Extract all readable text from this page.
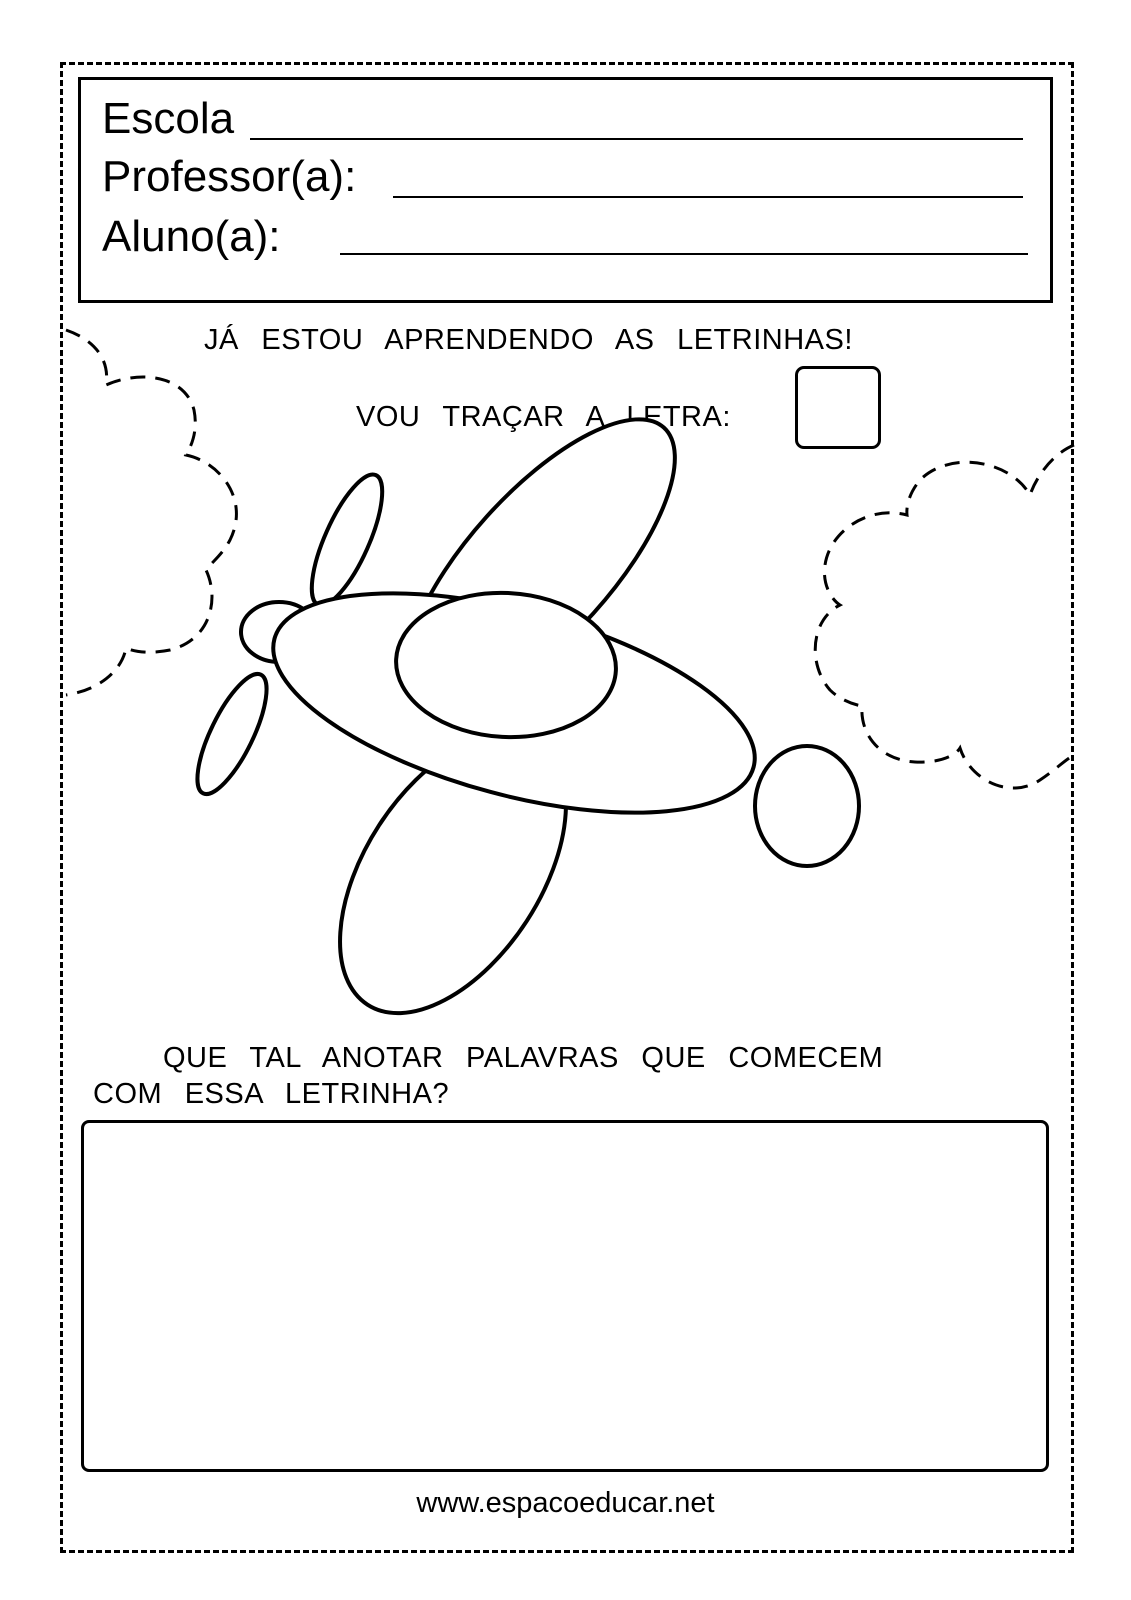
Escola
Professor(a):
Aluno(a):
JÁ ESTOU APRENDENDO AS LETRINHAS!
VOU TRAÇAR A LETRA:
QUE TAL ANOTAR PALAVRAS QUE COMECEM
COM ESSA LETRINHA?
www.espacoeducar.net
